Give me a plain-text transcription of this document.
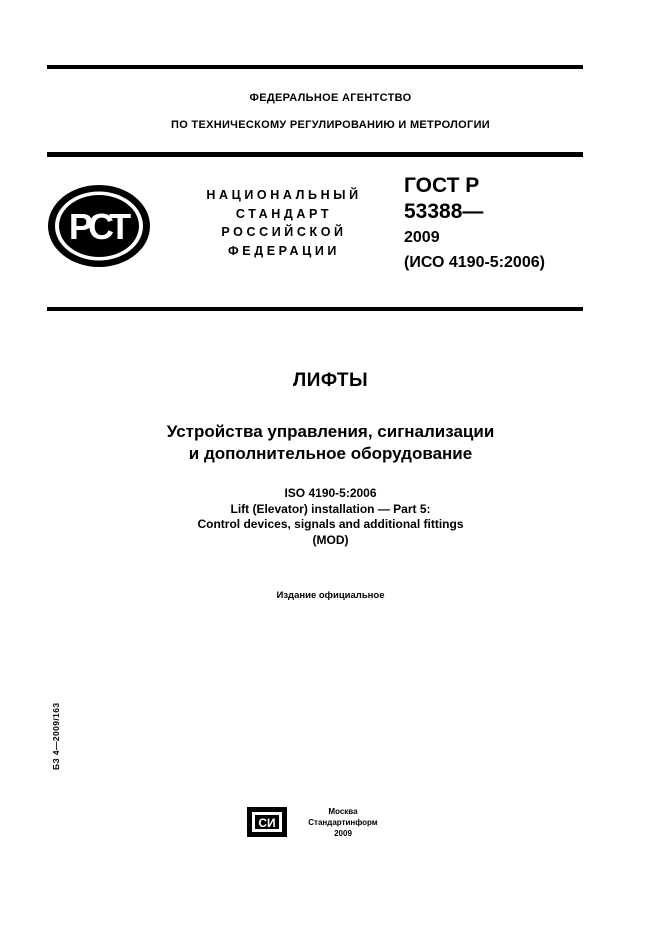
ФЕДЕРАЛЬНОЕ АГЕНТСТВО
ПО ТЕХНИЧЕСКОМУ РЕГУЛИРОВАНИЮ И МЕТРОЛОГИИ
РСТ
НАЦИОНАЛЬНЫЙ
СТАНДАРТ
РОССИЙСКОЙ
ФЕДЕРАЦИИ
ГОСТ Р
53388—
2009
(ИСО 4190-5:2006)
ЛИФТЫ
Устройства управления, сигнализации
и дополнительное оборудование
ISO 4190-5:2006
Lift (Elevator) installation — Part 5:
Control devices, signals and additional fittings
(MOD)
Издание официальное
БЗ 4—2009/163
СИ
Москва
Стандартинформ
2009
